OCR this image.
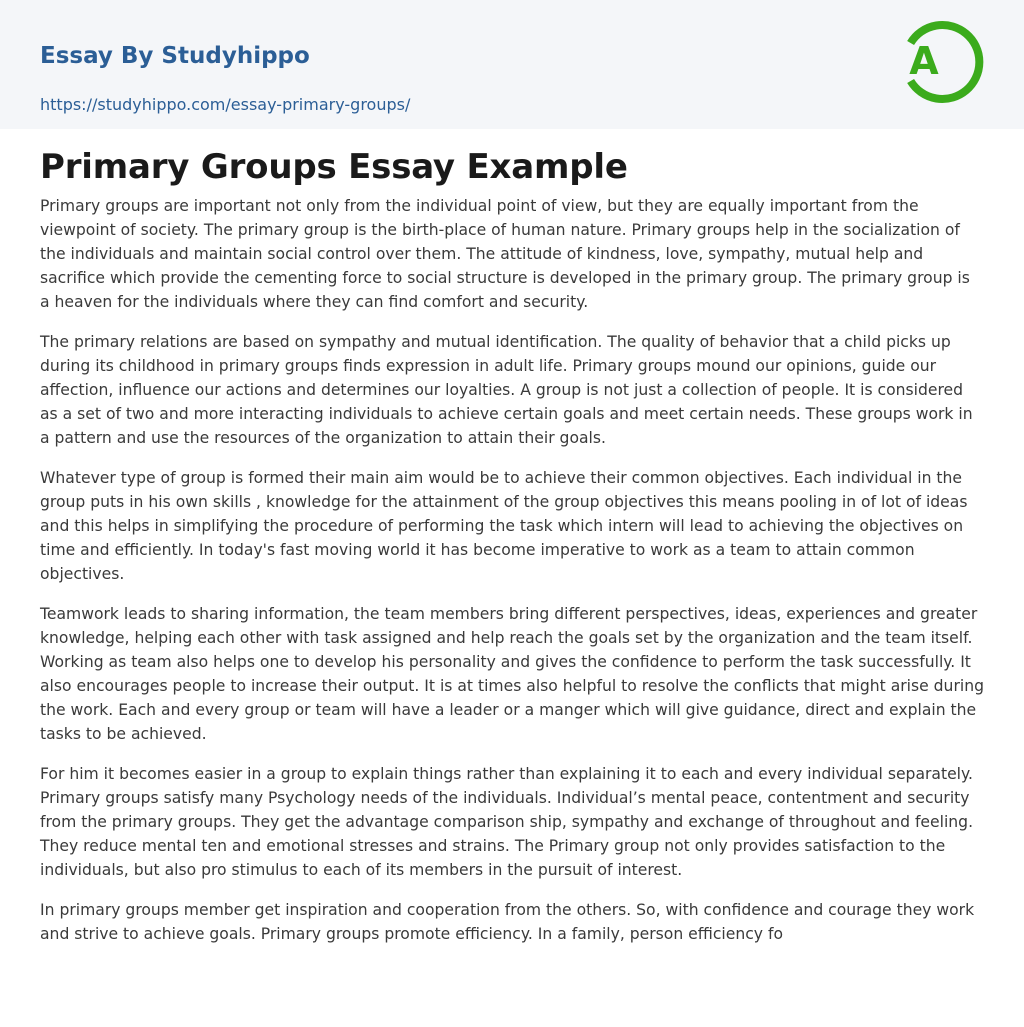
Essay By Studyhippo
https://studyhippo.com/essay-primary-groups/
A
Primary Groups Essay Example

Primary groups are important not only from the individual point of view, but they are equally important from the viewpoint of society. The primary group is the birth-place of human nature. Primary groups help in the socialization of the individuals and maintain social control over them. The attitude of kindness, love, sympathy, mutual help and sacrifice which provide the cementing force to social structure is developed in the primary group. The primary group is a heaven for the individuals where they can find comfort and security.

The primary relations are based on sympathy and mutual identification. The quality of behavior that a child picks up during its childhood in primary groups finds expression in adult life. Primary groups mound our opinions, guide our affection, influence our actions and determines our loyalties. A group is not just a collection of people. It is considered as a set of two and more interacting individuals to achieve certain goals and meet certain needs. These groups work in a pattern and use the resources of the organization to attain their goals.

Whatever type of group is formed their main aim would be to achieve their common objectives. Each individual in the group puts in his own skills , knowledge for the attainment of the group objectives this means pooling in of lot of ideas and this helps in simplifying the procedure of performing the task which intern will lead to achieving the objectives on time and efficiently. In today's fast moving world it has become imperative to work as a team to attain common objectives.

Teamwork leads to sharing information, the team members bring different perspectives, ideas, experiences and greater knowledge, helping each other with task assigned and help reach the goals set by the organization and the team itself. Working as team also helps one to develop his personality and gives the confidence to perform the task successfully. It also encourages people to increase their output. It is at times also helpful to resolve the conflicts that might arise during the work. Each and every group or team will have a leader or a manger which will give guidance, direct and explain the tasks to be achieved.

For him it becomes easier in a group to explain things rather than explaining it to each and every individual separately. Primary groups satisfy many Psychology needs of the individuals. Individual’s mental peace, contentment and security from the primary groups. They get the advantage comparison ship, sympathy and exchange of throughout and feeling. They reduce mental ten and emotional stresses and strains. The Primary group not only provides satisfaction to the individuals, but also pro stimulus to each of its members in the pursuit of interest.

In primary groups member get inspiration and cooperation from the others. So, with confidence and courage they work and strive to achieve goals. Primary groups promote efficiency. In a family, person efficiency fo
